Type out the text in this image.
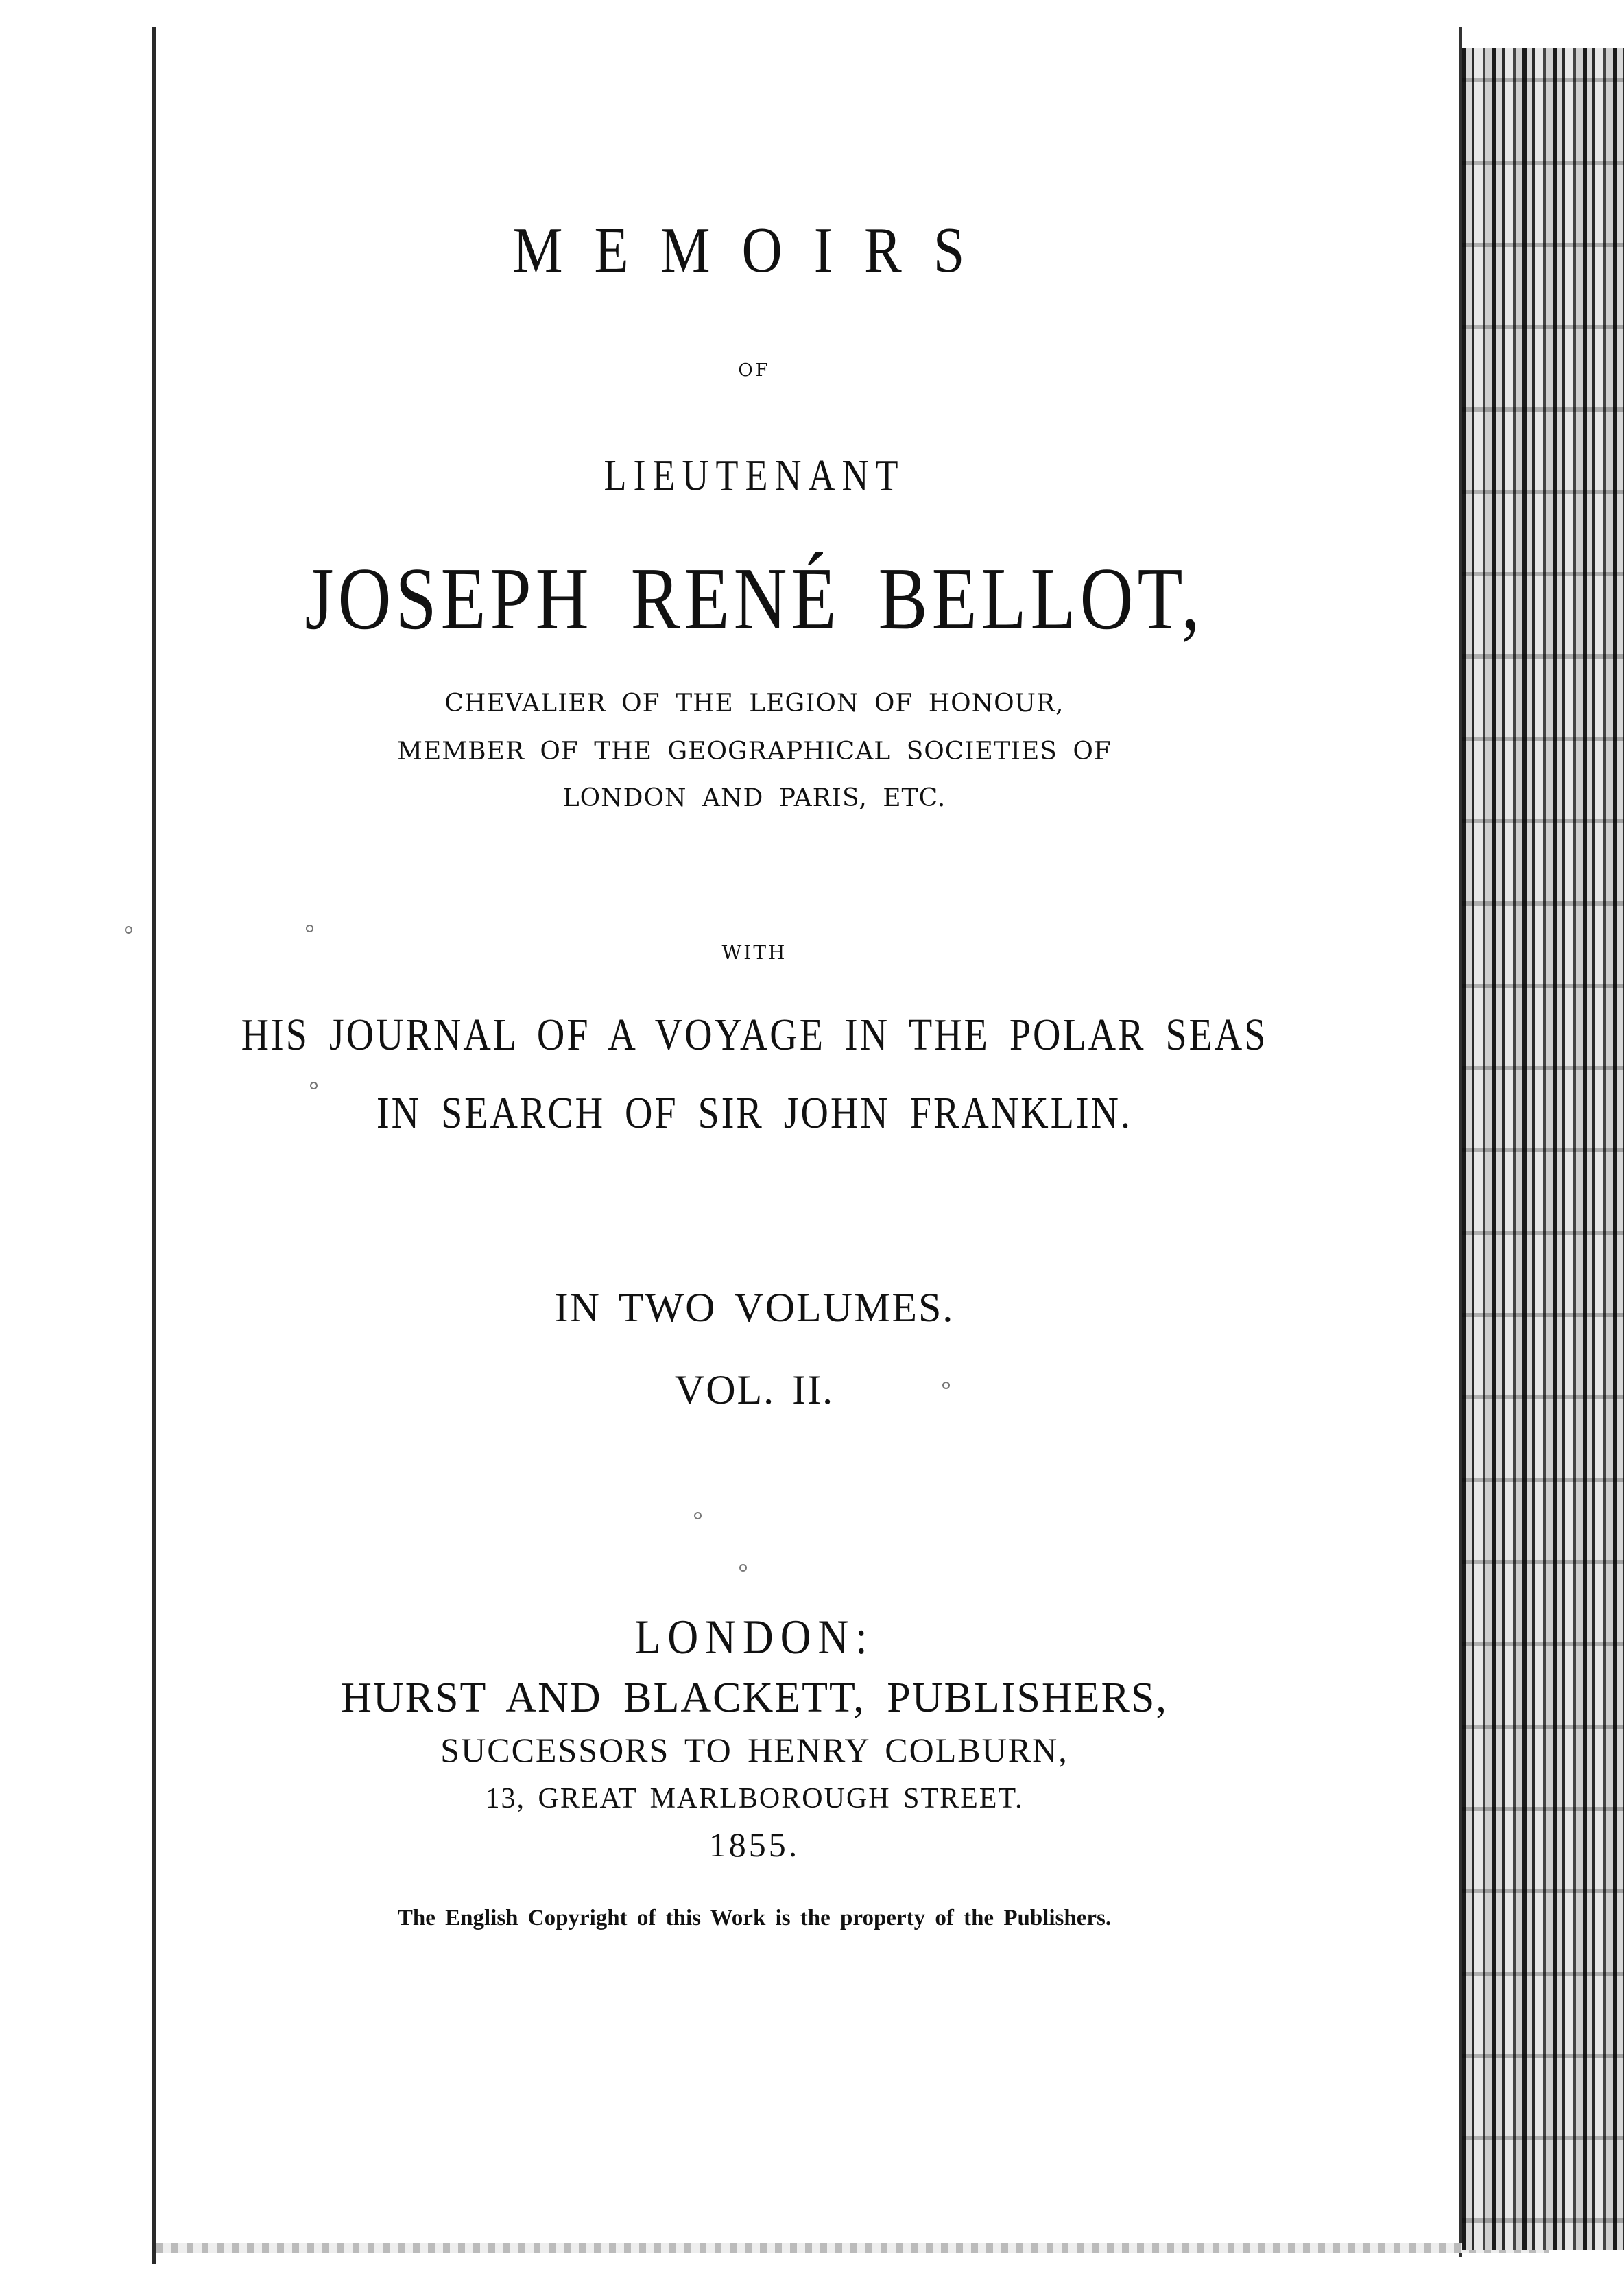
MEMOIRS

OF

LIEUTENANT

JOSEPH RENÉ BELLOT,

CHEVALIER OF THE LEGION OF HONOUR,

MEMBER OF THE GEOGRAPHICAL SOCIETIES OF

LONDON AND PARIS, ETC.

WITH

HIS JOURNAL OF A VOYAGE IN THE POLAR SEAS

IN SEARCH OF SIR JOHN FRANKLIN.

IN TWO VOLUMES.

VOL. II.

LONDON:

HURST AND BLACKETT, PUBLISHERS,

SUCCESSORS TO HENRY COLBURN,

13, GREAT MARLBOROUGH STREET.

1855.

The English Copyright of this Work is the property of the Publishers.
